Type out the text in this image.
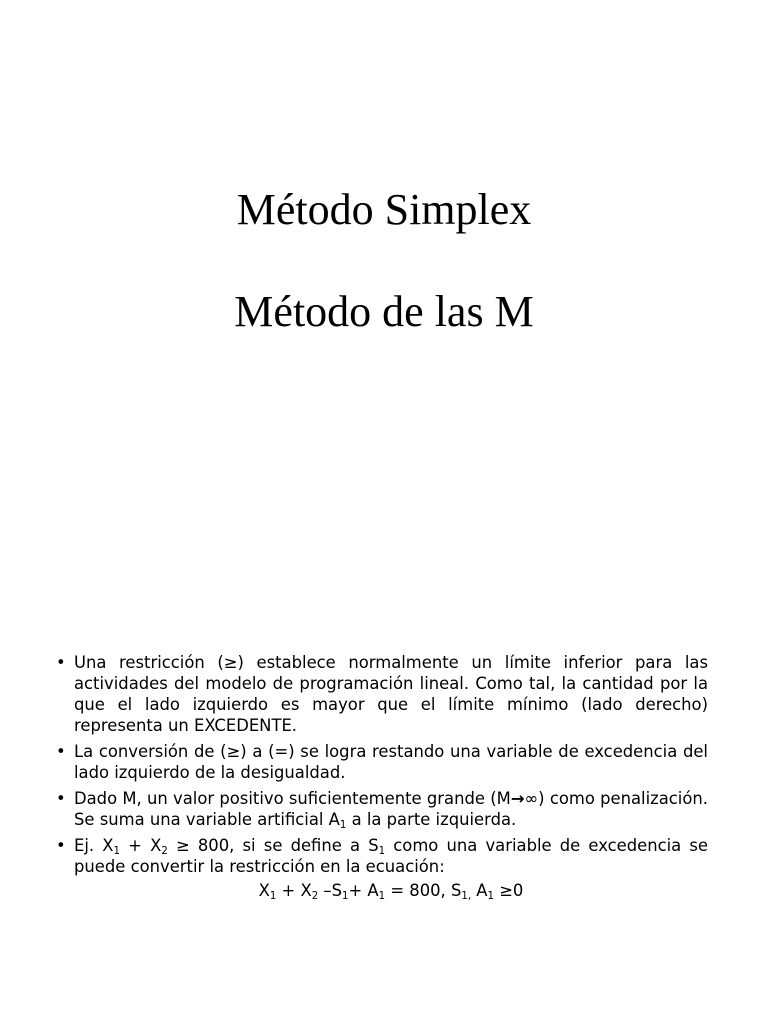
Método Simplex
Método de las M
• Una restricción (≥) establece normalmente un límite inferior para las actividades del modelo de programación lineal. Como tal, la cantidad por la que el lado izquierdo es mayor que el límite mínimo (lado derecho) representa un EXCEDENTE.
• La conversión de (≥) a (=) se logra restando una variable de excedencia del lado izquierdo de la desigualdad.
• Dado M, un valor positivo suficientemente grande (M→∞) como penalización. Se suma una variable artificial $A_1$ a la parte izquierda.
• Ej. $X_1 + X_2 \ge 800$, si se define a $S_1$ como una variable de excedencia se puede convertir la restricción en la ecuación:
$X_1 + X_2$ $-S_1+ A_1 = 800$, $S_{1,}$ $A_1 \ge 0$
